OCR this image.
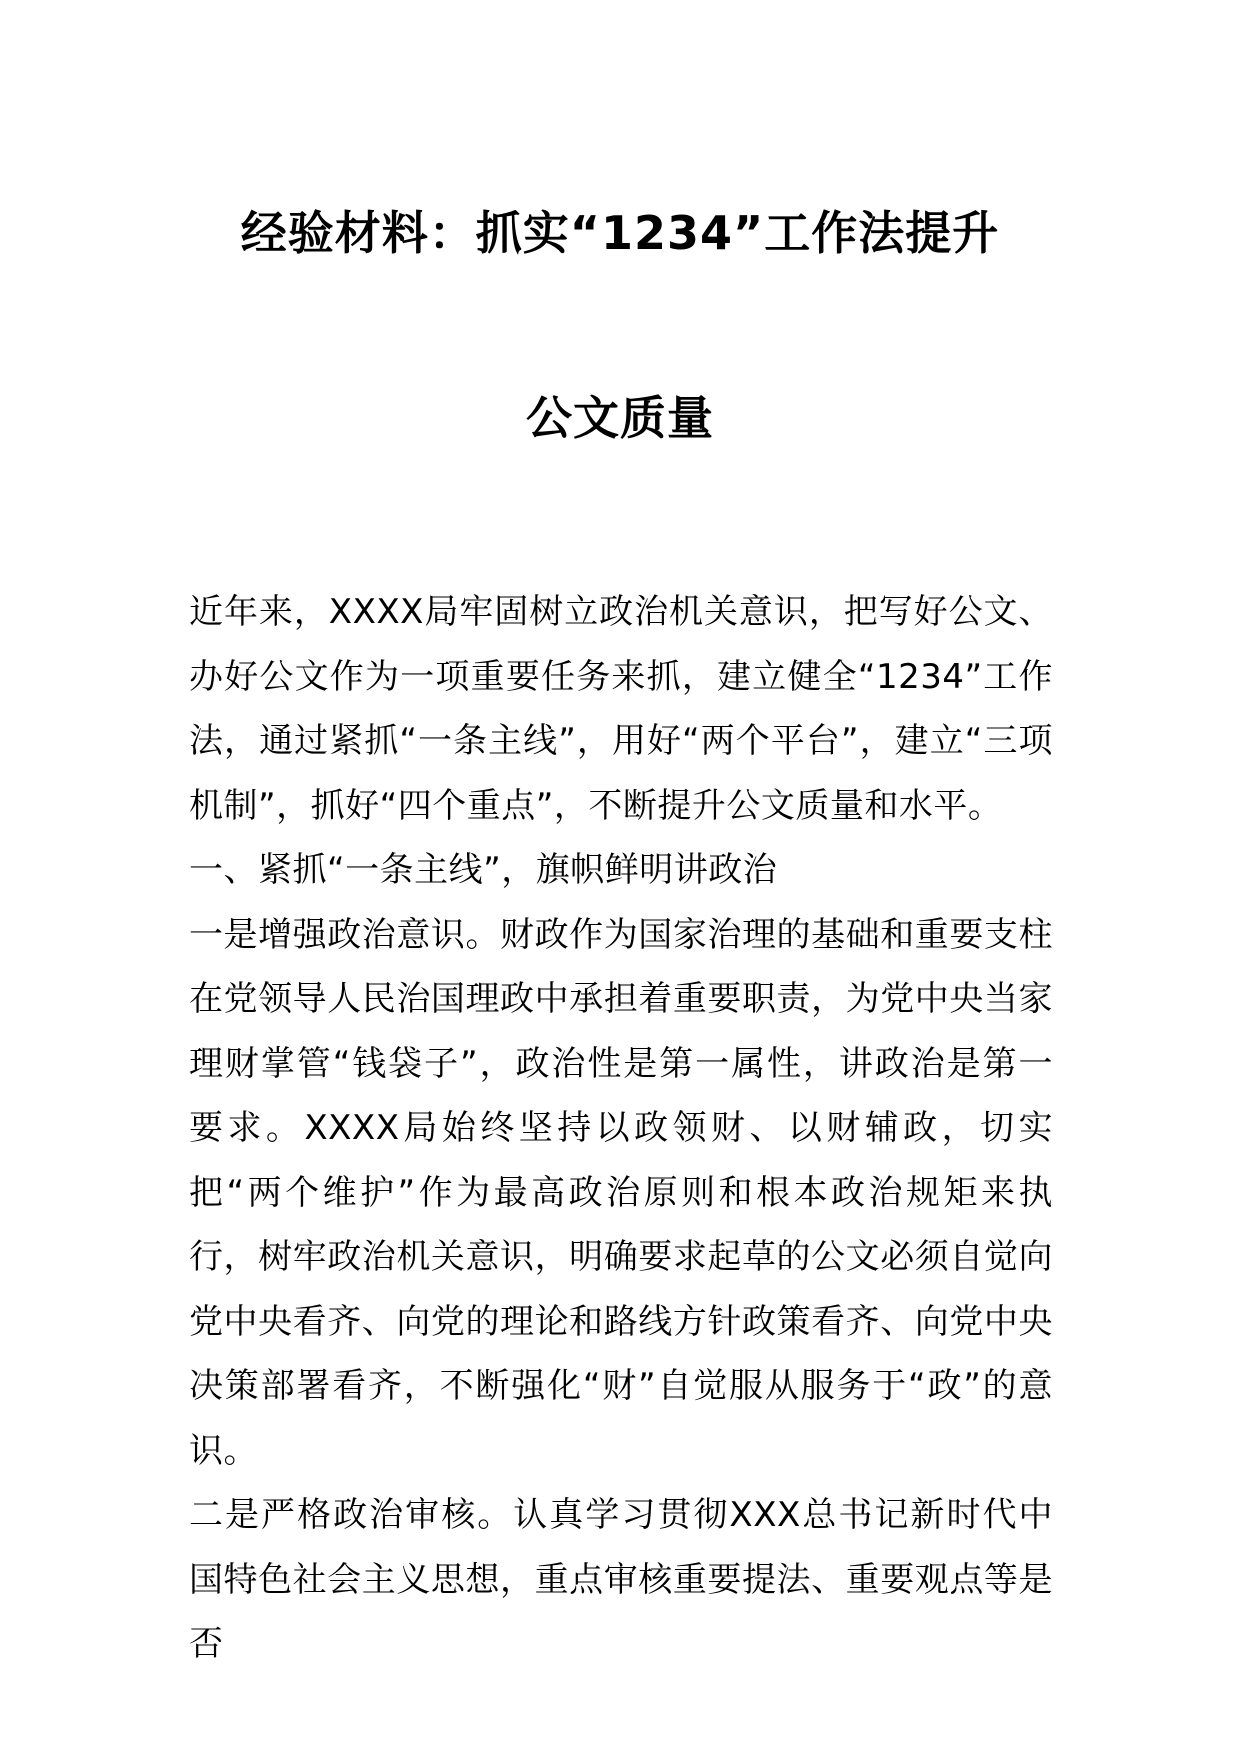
经验材料：抓实“1234”工作法提升
公文质量

近年来，XXXX局牢固树立政治机关意识，把写好公文、办好公文作为一项重要任务来抓，建立健全“1234”工作法，通过紧抓“一条主线”，用好“两个平台”，建立“三项机制”，抓好“四个重点”，不断提升公文质量和水平。

一、紧抓“一条主线”，旗帜鲜明讲政治

一是增强政治意识。财政作为国家治理的基础和重要支柱在党领导人民治国理政中承担着重要职责，为党中央当家理财掌管“钱袋子”，政治性是第一属性，讲政治是第一要求。XXXX局始终坚持以政领财、以财辅政，切实把“两个维护”作为最高政治原则和根本政治规矩来执行，树牢政治机关意识，明确要求起草的公文必须自觉向党中央看齐、向党的理论和路线方针政策看齐、向党中央决策部署看齐，不断强化“财”自觉服从服务于“政”的意识。

二是严格政治审核。认真学习贯彻XXX总书记新时代中国特色社会主义思想，重点审核重要提法、重要观点等是否
